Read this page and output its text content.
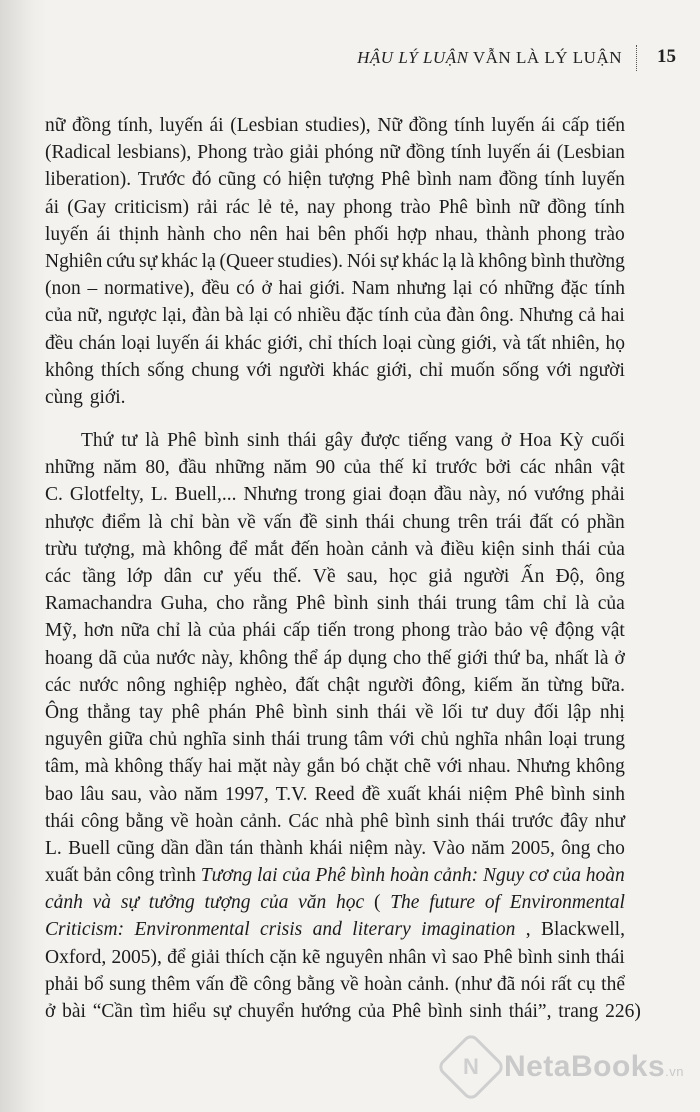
HẬU LÝ LUẬN VẪN LÀ LÝ LUẬN 15
nữ đồng tính, luyến ái (Lesbian studies), Nữ đồng tính luyến ái cấp tiến
(Radical lesbians), Phong trào giải phóng nữ đồng tính luyến ái (Lesbian
liberation). Trước đó cũng có hiện tượng Phê bình nam đồng tính luyến
ái (Gay criticism) rải rác lẻ tẻ, nay phong trào Phê bình nữ đồng tính
luyến ái thịnh hành cho nên hai bên phối hợp nhau, thành phong trào
Nghiên cứu sự khác lạ (Queer studies). Nói sự khác lạ là không bình thường
(non – normative), đều có ở hai giới. Nam nhưng lại có những đặc tính
của nữ, ngược lại, đàn bà lại có nhiều đặc tính của đàn ông. Nhưng cả hai
đều chán loại luyến ái khác giới, chỉ thích loại cùng giới, và tất nhiên, họ
không thích sống chung với người khác giới, chỉ muốn sống với người
cùng giới.
Thứ tư là Phê bình sinh thái gây được tiếng vang ở Hoa Kỳ cuối
những năm 80, đầu những năm 90 của thế kỉ trước bởi các nhân vật
C. Glotfelty, L. Buell,... Nhưng trong giai đoạn đầu này, nó vướng phải
nhược điểm là chỉ bàn về vấn đề sinh thái chung trên trái đất có phần
trừu tượng, mà không để mắt đến hoàn cảnh và điều kiện sinh thái của
các tầng lớp dân cư yếu thế. Về sau, học giả người Ấn Độ, ông
Ramachandra Guha, cho rằng Phê bình sinh thái trung tâm chỉ là của
Mỹ, hơn nữa chỉ là của phái cấp tiến trong phong trào bảo vệ động vật
hoang dã của nước này, không thể áp dụng cho thế giới thứ ba, nhất là ở
các nước nông nghiệp nghèo, đất chật người đông, kiếm ăn từng bữa.
Ông thẳng tay phê phán Phê bình sinh thái về lối tư duy đối lập nhị
nguyên giữa chủ nghĩa sinh thái trung tâm với chủ nghĩa nhân loại trung
tâm, mà không thấy hai mặt này gắn bó chặt chẽ với nhau. Nhưng không
bao lâu sau, vào năm 1997, T.V. Reed đề xuất khái niệm Phê bình sinh
thái công bằng về hoàn cảnh. Các nhà phê bình sinh thái trước đây như
L. Buell cũng dần dần tán thành khái niệm này. Vào năm 2005, ông cho
xuất bản công trình Tương lai của Phê bình hoàn cảnh: Nguy cơ của hoàn
cảnh và sự tưởng tượng của văn học ( The future of Environmental
Criticism: Environmental crisis and literary imagination , Blackwell,
Oxford, 2005), để giải thích cặn kẽ nguyên nhân vì sao Phê bình sinh thái
phải bổ sung thêm vấn đề công bằng về hoàn cảnh. (như đã nói rất cụ thể
ở bài “Cần tìm hiểu sự chuyển hướng của Phê bình sinh thái”, trang 226)
N NetaBooks.vn
